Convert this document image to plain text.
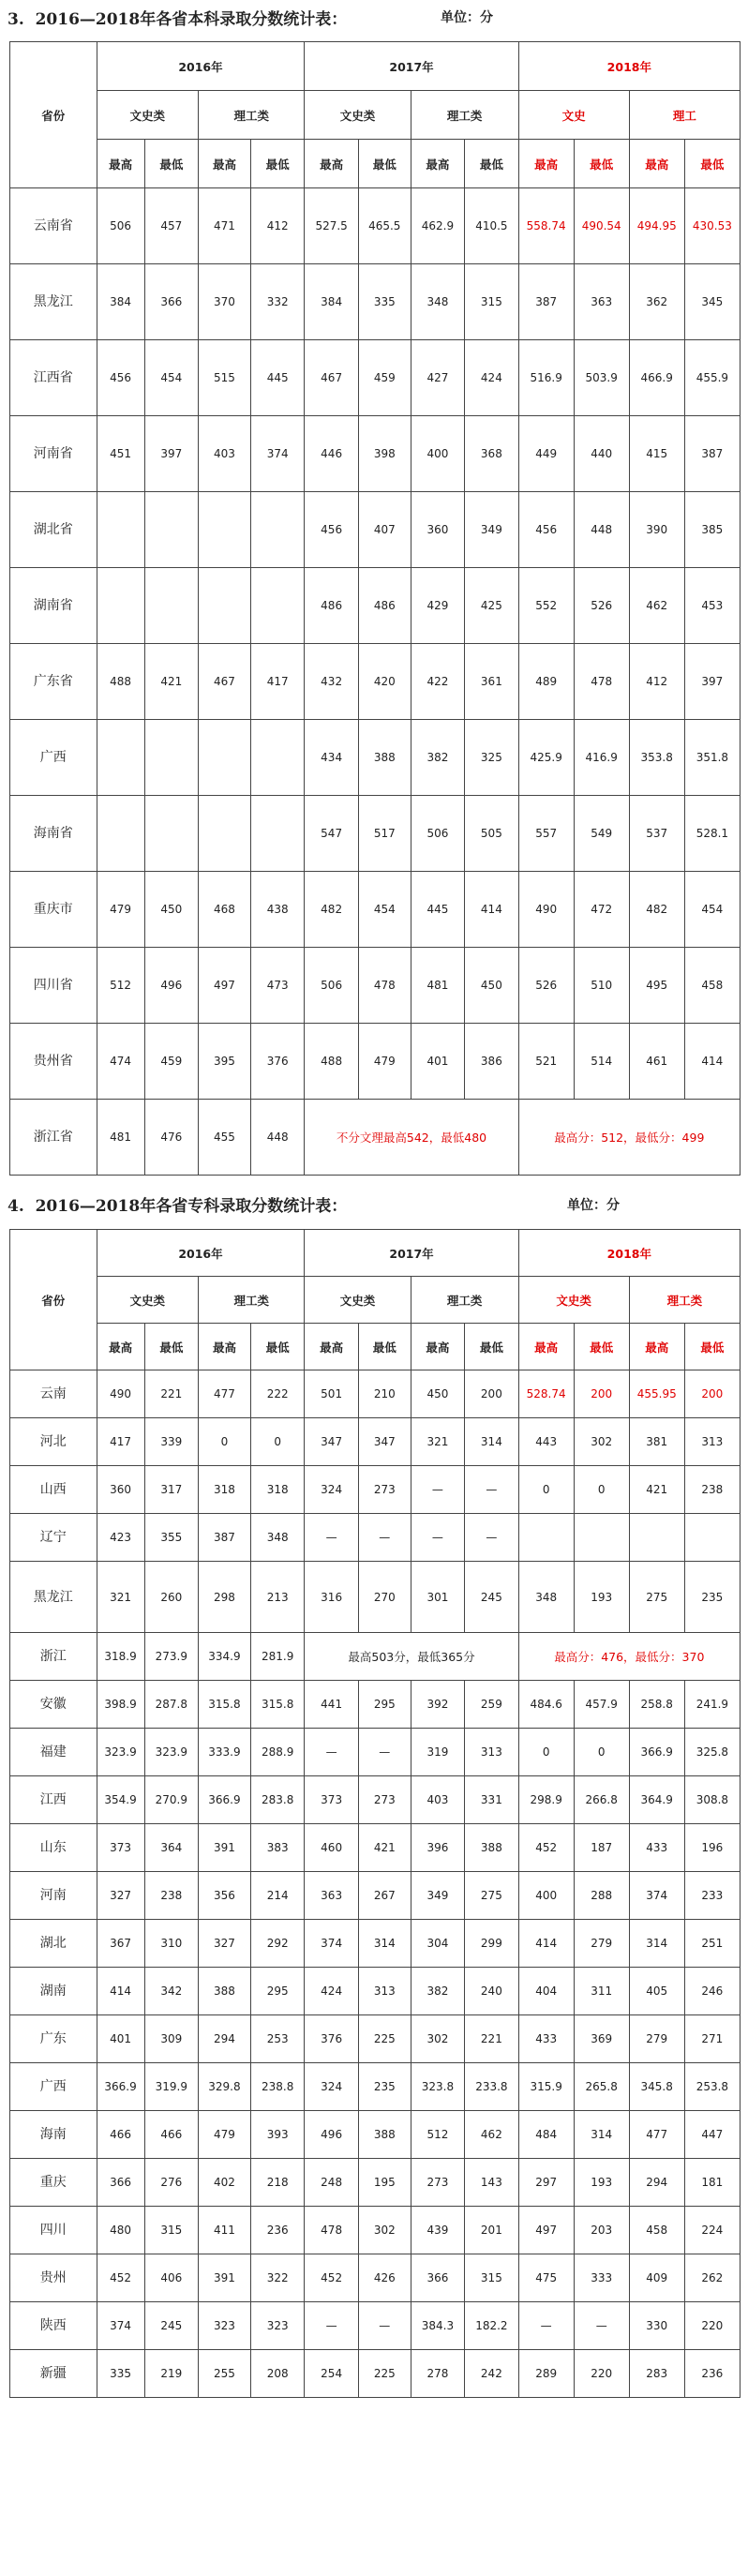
3.  2016—2018年各省本科录取分数统计表：	单位：分
省份	2016年				2017年				2018年			
	文史类		理工类		文史类		理工类		文史		理工	
	最高	最低	最高	最低	最高	最低	最高	最低	最高	最低	最高	最低
云南省	506	457	471	412	527.5	465.5	462.9	410.5	558.74	490.54	494.95	430.53
黑龙江	384	366	370	332	384	335	348	315	387	363	362	345
江西省	456	454	515	445	467	459	427	424	516.9	503.9	466.9	455.9
河南省	451	397	403	374	446	398	400	368	449	440	415	387
湖北省					456	407	360	349	456	448	390	385
湖南省					486	486	429	425	552	526	462	453
广东省	488	421	467	417	432	420	422	361	489	478	412	397
广西					434	388	382	325	425.9	416.9	353.8	351.8
海南省					547	517	506	505	557	549	537	528.1
重庆市	479	450	468	438	482	454	445	414	490	472	482	454
四川省	512	496	497	473	506	478	481	450	526	510	495	458
贵州省	474	459	395	376	488	479	401	386	521	514	461	414
浙江省	481	476	455	448	不分文理最高542，最低480				最高分：512，最低分：499			
4.  2016—2018年各省专科录取分数统计表：	单位：分
省份	2016年				2017年				2018年			
	文史类		理工类		文史类		理工类		文史类		理工类	
	最高	最低	最高	最低	最高	最低	最高	最低	最高	最低	最高	最低
云南	490	221	477	222	501	210	450	200	528.74	200	455.95	200
河北	417	339	0	0	347	347	321	314	443	302	381	313
山西	360	317	318	318	324	273	—	—	0	0	421	238
辽宁	423	355	387	348	—	—	—	—				
黑龙江	321	260	298	213	316	270	301	245	348	193	275	235
浙江	318.9	273.9	334.9	281.9	最高503分，最低365分				最高分：476，最低分：370			
安徽	398.9	287.8	315.8	315.8	441	295	392	259	484.6	457.9	258.8	241.9
福建	323.9	323.9	333.9	288.9	—	—	319	313	0	0	366.9	325.8
江西	354.9	270.9	366.9	283.8	373	273	403	331	298.9	266.8	364.9	308.8
山东	373	364	391	383	460	421	396	388	452	187	433	196
河南	327	238	356	214	363	267	349	275	400	288	374	233
湖北	367	310	327	292	374	314	304	299	414	279	314	251
湖南	414	342	388	295	424	313	382	240	404	311	405	246
广东	401	309	294	253	376	225	302	221	433	369	279	271
广西	366.9	319.9	329.8	238.8	324	235	323.8	233.8	315.9	265.8	345.8	253.8
海南	466	466	479	393	496	388	512	462	484	314	477	447
重庆	366	276	402	218	248	195	273	143	297	193	294	181
四川	480	315	411	236	478	302	439	201	497	203	458	224
贵州	452	406	391	322	452	426	366	315	475	333	409	262
陕西	374	245	323	323	—	—	384.3	182.2	—	—	330	220
新疆	335	219	255	208	254	225	278	242	289	220	283	236
